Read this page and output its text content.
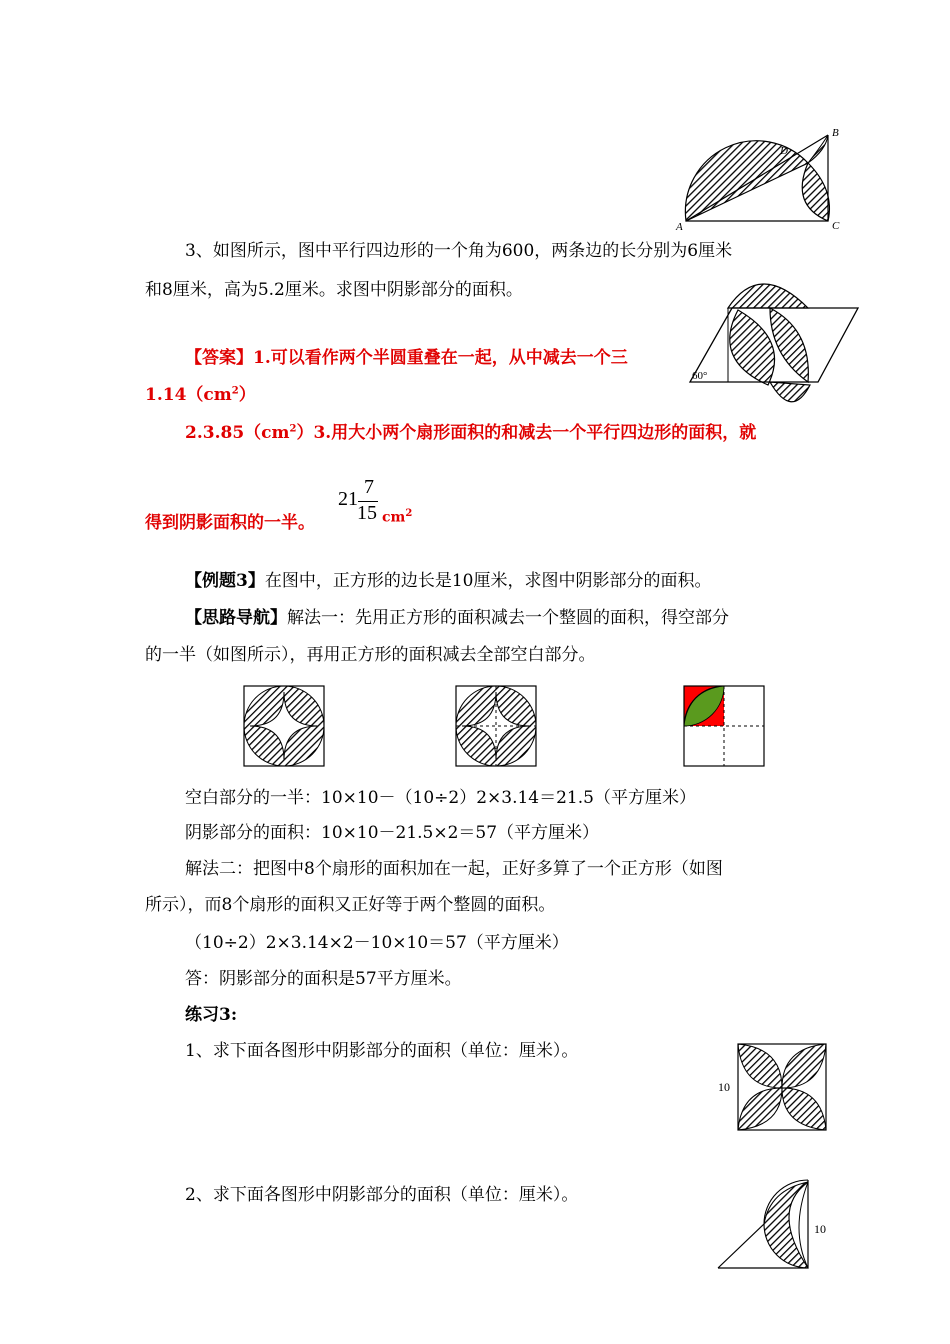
A
B
C
D
3、如图所示，图中平行四边形的一个角为600，两条边的长分别为6厘米
和8厘米，高为5.2厘米。求图中阴影部分的面积。
60°
【答案】1.可以看作两个半圆重叠在一起，从中减去一个三
$1.14(cm^2)$
$2.3.85(cm^2)3$.用大小两个扇形面积的和减去一个平行四边形的面积，就
得到阴影面积的一半。
21
7
15 $cm^2$
【例题3】在图中，正方形的边长是10厘米，求图中阴影部分的面积。
【思路导航】解法一：先用正方形的面积减去一个整圆的面积，得空部分
的一半（如图所示），再用正方形的面积减去全部空白部分。
空白部分的一半：10×10－（10÷2）2×3.14＝21.5（平方厘米）
阴影部分的面积：10×10－21.5×2＝57（平方厘米）
解法二：把图中8个扇形的面积加在一起，正好多算了一个正方形（如图
所示），而8个扇形的面积又正好等于两个整圆的面积。
（10÷2）2×3.14×2－10×10＝57（平方厘米）
答：阴影部分的面积是57平方厘米。
练习3:
1、求下面各图形中阴影部分的面积（单位：厘米）。
10
2、求下面各图形中阴影部分的面积（单位：厘米）。
10
